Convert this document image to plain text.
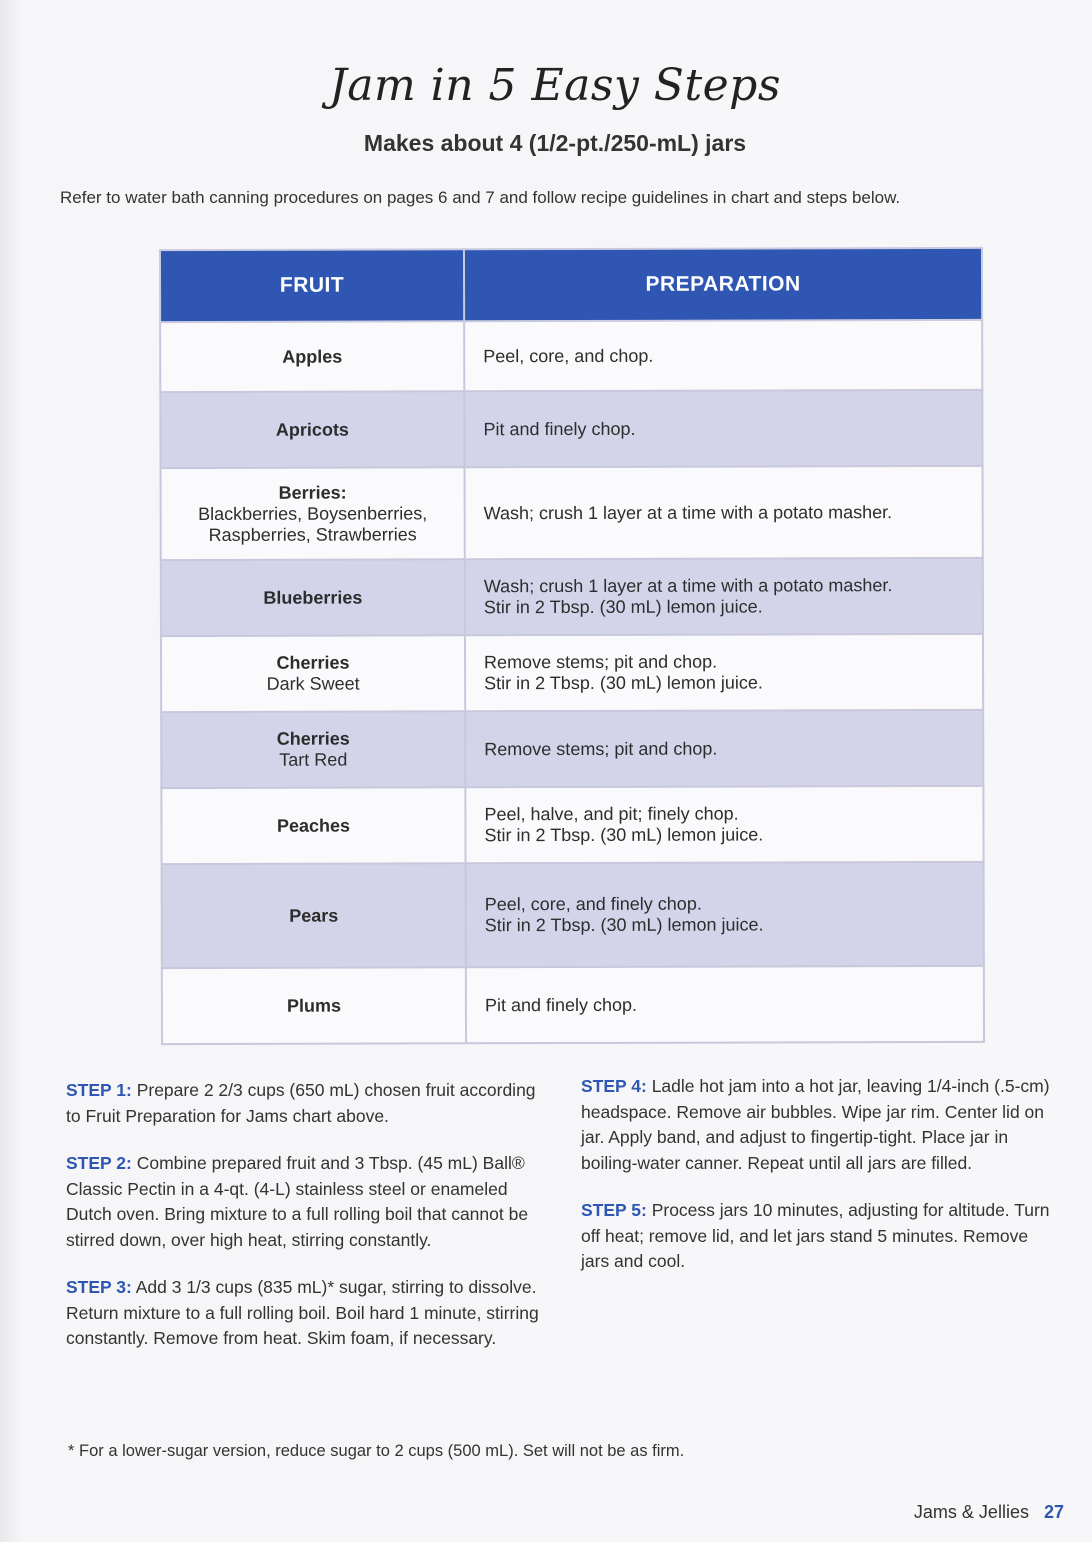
Jam in 5 Easy Steps
Makes about 4 (1/2-pt./250-mL) jars
Refer to water bath canning procedures on pages 6 and 7 and follow recipe guidelines in chart and steps below.
FRUIT	PREPARATION

Apples	Peel, core, and chop.

Apricots	Pit and finely chop.

Berries:
Blackberries, Boysenberries,
Raspberries, Strawberries	Wash; crush 1 layer at a time with a potato masher.

Blueberries	Wash; crush 1 layer at a time with a potato masher.
Stir in 2 Tbsp. (30 mL) lemon juice.

Cherries
Dark Sweet	Remove stems; pit and chop.
Stir in 2 Tbsp. (30 mL) lemon juice.

Cherries
Tart Red	Remove stems; pit and chop.

Peaches	Peel, halve, and pit; finely chop.
Stir in 2 Tbsp. (30 mL) lemon juice.

Pears	Peel, core, and finely chop.
Stir in 2 Tbsp. (30 mL) lemon juice.

Plums	Pit and finely chop.
STEP 1: Prepare 2 2/3 cups (650 mL) chosen fruit according to Fruit Preparation for Jams chart above.
STEP 2: Combine prepared fruit and 3 Tbsp. (45 mL) Ball® Classic Pectin in a 4-qt. (4-L) stainless steel or enameled Dutch oven. Bring mixture to a full rolling boil that cannot be stirred down, over high heat, stirring constantly.
STEP 3: Add 3 1/3 cups (835 mL)* sugar, stirring to dissolve. Return mixture to a full rolling boil. Boil hard 1 minute, stirring constantly. Remove from heat. Skim foam, if necessary.
STEP 4: Ladle hot jam into a hot jar, leaving 1/4-inch (.5-cm) headspace. Remove air bubbles. Wipe jar rim. Center lid on jar. Apply band, and adjust to fingertip-tight. Place jar in boiling-water canner. Repeat until all jars are filled.
STEP 5: Process jars 10 minutes, adjusting for altitude. Turn off heat; remove lid, and let jars stand 5 minutes. Remove jars and cool.
* For a lower-sugar version, reduce sugar to 2 cups (500 mL). Set will not be as firm.
Jams & Jellies 27
